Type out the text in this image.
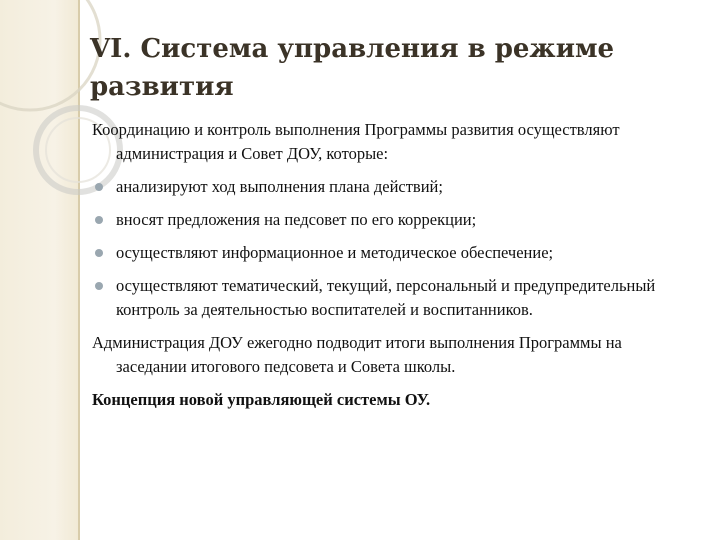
VI. Система управления в режиме развития

Координацию и контроль выполнения Программы развития осуществляют администрация и Совет ДОУ, которые:

анализируют ход выполнения плана действий;
вносят предложения на педсовет по его коррекции;
осуществляют информационное и методическое обеспечение;
осуществляют тематический, текущий, персональный и предупредительный контроль за деятельностью воспитателей и воспитанников.

Администрация ДОУ ежегодно подводит итоги выполнения Программы на заседании итогового педсовета и Совета школы.

Концепция новой управляющей системы ОУ.
